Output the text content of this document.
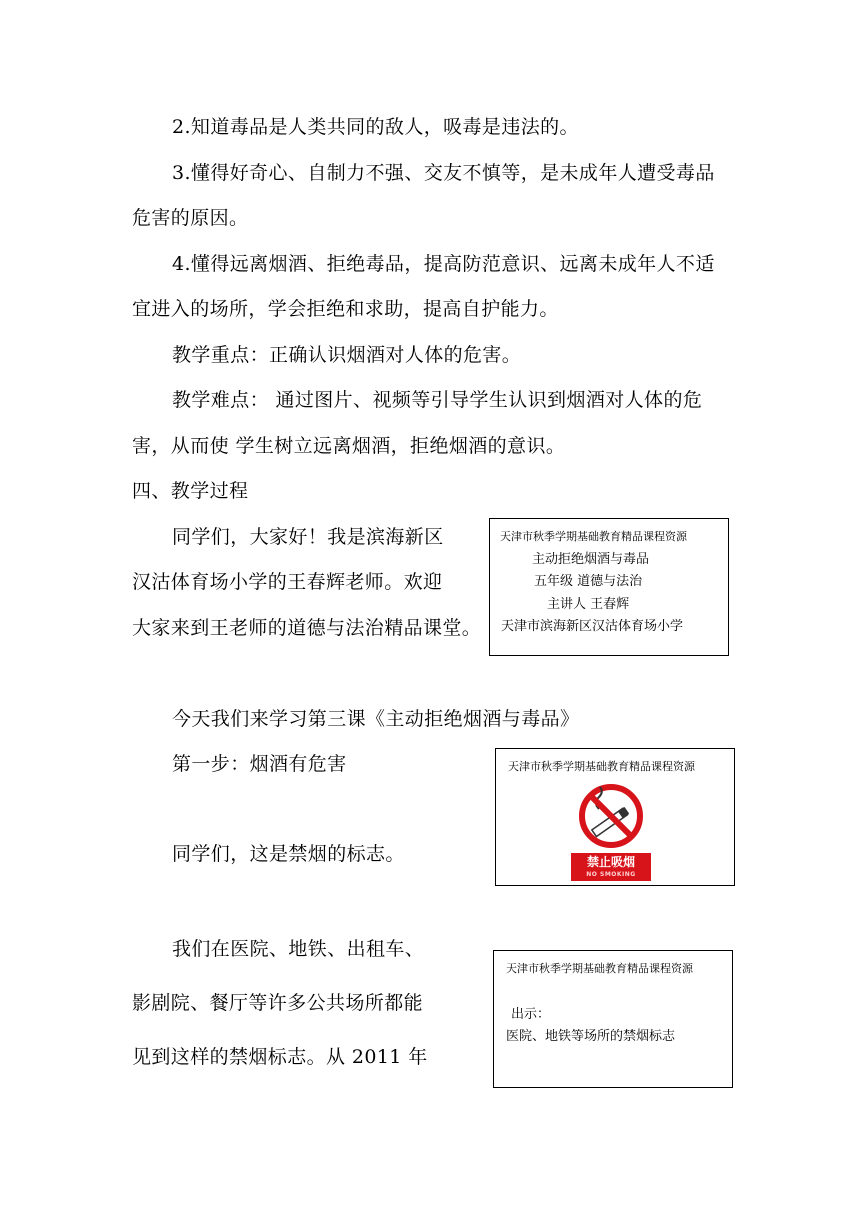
2.知道毒品是人类共同的敌人，吸毒是违法的。
3.懂得好奇心、自制力不强、交友不慎等，是未成年人遭受毒品
危害的原因。
4.懂得远离烟酒、拒绝毒品，提高防范意识、远离未成年人不适
宜进入的场所，学会拒绝和求助，提高自护能力。
教学重点：正确认识烟酒对人体的危害。
教学难点： 通过图片、视频等引导学生认识到烟酒对人体的危
害，从而使 学生树立远离烟酒，拒绝烟酒的意识。
四、教学过程
同学们，大家好！我是滨海新区
汉沽体育场小学的王春辉老师。欢迎
大家来到王老师的道德与法治精品课堂。
今天我们来学习第三课《主动拒绝烟酒与毒品》
第一步：烟酒有危害
同学们，这是禁烟的标志。
我们在医院、地铁、出租车、
影剧院、餐厅等许多公共场所都能
见到这样的禁烟标志。从 2011 年
天津市秋季学期基础教育精品课程资源
主动拒绝烟酒与毒品
五年级 道德与法治
主讲人 王春辉
天津市滨海新区汉沽体育场小学
天津市秋季学期基础教育精品课程资源
禁止吸烟
NO SMOKING
天津市秋季学期基础教育精品课程资源
出示：
医院、地铁等场所的禁烟标志
